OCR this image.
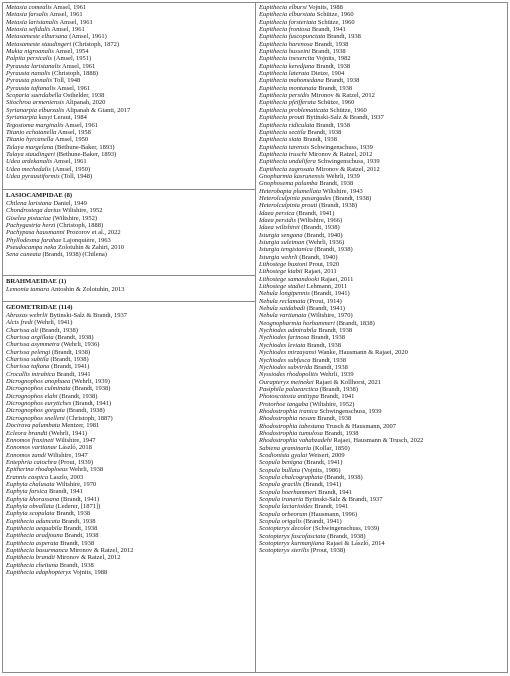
Metasia comealis Amsel, 1961
Metasia farsalis Amsel, 1961
Metasia laristanalis Amsel, 1961
Metasia sefidalis Amsel, 1961
Metasameste elbursana (Amsel, 1961)
Metasameste staudingeri (Christoph, 1872)
Mukia nigroanalis Amsel, 1954
Palpita persicalis (Amsel, 1951)
Pyrausta laristanalis Amsel, 1961
Pyrausta nanalis (Christoph, 1888)
Pyrausta pionalis Toll, 1948
Pyrausta taftanalis Amsel, 1961
Scoparia saerdabella Osthelder, 1938
Sitochroa armeniensis Alipanah, 2020
Syrianarpia elburzalis Alipanah & Gianti, 2017
Syrianarpia kasyi Leraut, 1984
Tegostoma marginalis Amsel, 1961
Titanio echatanella Amsel, 1958
Titanio hyrcanella Amsel, 1950
Tulaya margelana (Bethune-Baker, 1893)
Tulaya staudingeri (Bethune-Baker, 1893)
Udea ardekanalis Amsel, 1961
Udea mechedalis (Amsel, 1950)
Udea pyraustiformis (Toll, 1948)
LASIOCAMPIDAE (8)
Chilena laristana Daniel, 1949
Chondrostega darius Wiltshire, 1952
Giselea pistaciae (Wiltshire, 1952)
Pachygastria herzi (Christoph, 1888)
Pachypasa hausmanni Prozorov et al., 2022
Phyllodesma farahae Lajonquière, 1963
Pseudocampa neka Zolotuhin & Zahiri, 2010
Sena cuneata (Brandt, 1938) (Chilena)
BRAHMAEIDAE (1)
Lemonia tamara Antoshin & Zolotuhin, 2013
GEOMETRIDAE (114)
Abraxas wehrlii Bytinski-Salz & Brandt, 1937
Alcis fredi (Wehrli, 1941)
Charissa ali (Brandt, 1938)
Charissa argillata (Brandt, 1938)
Charissa asymmetra (Wehrli, 1936)
Charissa pelengi (Brandt, 1938)
Charissa subtila (Brandt, 1938)
Charissa taftana (Brandt, 1941)
Crocallis mirabica Brandt, 1941
Dicrognophos anophaea (Wehrli, 1939)
Dicrognophos culminata (Brandt, 1938)
Dicrognophos elahi (Brandt, 1938)
Dicrognophos eurytiches (Brandt, 1941)
Dicrognophos gorgata (Brandt, 1938)
Dicrognophos snelleni (Christoph, 1887)
Docirava palumbata Mentzer, 1981
Ecleora brandti (Wehrli, 1941)
Ennomos fraxineti Wiltshire, 1947
Ennomos vartianae László, 2018
Ennomos zandi Wiltshire, 1947
Entephria catochra (Prout, 1939)
Epitherina rhodoploeus Wehrli, 1938
Erannis caspica Laszlo, 2003
Euphyia chalusata Wiltshire, 1970
Euphyia farsica Brandt, 1941
Euphyia khorassana (Brandt, 1941)
Euphyia obvallata (Lederer, [1871])
Euphyia scopulata Brandt, 1938
Eupithecia aduncata Brandt, 1938
Eupithecia aequabila Brandt, 1938
Eupithecia aradjouna Brandt, 1938
Eupithecia asperata Brandt, 1938
Eupithecia basurmanca Mironov & Ratzel, 2012
Eupithecia brandti Mironov & Ratzel, 2012
Eupithecia cheituna Brandt, 1938
Eupithecia edaphopteryx Vojnits, 1988
Eupithecia elbursi Vojnits, 1988
Eupithecia elbursiata Schütze, 1960
Eupithecia forsteriata Schütze, 1960
Eupithecia frontosa Brandt, 1941
Eupithecia fuscopunctata Brandt, 1938
Eupithecia harenosa Brandt, 1938
Eupithecia husseini Brandt, 1938
Eupithecia inexercita Vojnits, 1982
Eupithecia keredjana Brandt, 1938
Eupithecia laterata Dietze, 1904
Eupithecia mahomedana Brandt, 1938
Eupithecia montanata Brandt, 1938
Eupithecia persidis Mironov & Ratzel, 2012
Eupithecia pfeifferata Schütze, 1960
Eupithecia problematicata Schütze, 1960
Eupithecia prouti Bytinski-Salz & Brandt, 1937
Eupithecia ridiculata Brandt, 1938
Eupithecia sectila Brandt, 1938
Eupithecia siata Brandt, 1938
Eupithecia tarensis Schwingenschuss, 1939
Eupithecia truschi Mironov & Ratzel, 2012
Eupithecia unduliferа Schwingenschuss, 1939
Eupithecia zagrosata Mironov & Ratzel, 2012
Gnopharmia kasrunensis Wehrli, 1939
Gnophosema palumba Brandt, 1938
Heterobapta plumellata Wiltshire, 1943
Heterolculpinia pasargades (Brandt, 1938)
Heterolculpinia prouti (Brandt, 1938)
Idaea persica (Brandt, 1941)
Idaea persidis (Wiltshire, 1966)
Idaea wiltshirei (Brandt, 1938)
Isturgia sengana (Brandt, 1940)
Isturgia suleiman (Wehrli, 1936)
Isturgia tengistanica (Brandt, 1938)
Isturgia wehrli (Brandt, 1940)
Lithostege buxtoni Prout, 1920
Lithostege kiabii Rajaei, 2011
Lithostege samandooki Rajaei, 2011
Lithostege stadiei Lehmann, 2011
Nebula longipennis (Brandt, 1941)
Nebula reclamata (Prout, 1914)
Nebula saidabadi (Brandt, 1941)
Nebula vartianata (Wiltshire, 1970)
Neognopharmia horhammeri (Brandt, 1838)
Nychiodes admirabila Brandt, 1938
Nychiodes farinosa Brandt, 1938
Nychiodes leviata Brandt, 1938
Nychiodes mirzayansi Wanke, Hausmann & Rajaei, 2020
Nychiodes subfusca Brandt, 1938
Nychiodes subvirida Brandt, 1938
Nyssiodes rhodopolitis Wehrli, 1939
Ourapteryx meinekei Rajaei & Kollhorst, 2021
Pasiphila palaearctica (Brandt, 1938)
Photoscotosia antitypa Brandt, 1941
Protorhoe tangaba (Wiltshire, 1952)
Rhodostrophia iranica Schwingenschuss, 1939
Rhodostrophia nesam Brandt, 1938
Rhodostrophia tabestana Trusch & Hausmann, 2007
Rhodostrophia tumulosa Brandt, 1938
Rhodostrophia vahabzadehi Rajaei, Hausmann & Trusch, 2022
Sabiena graminaria (Kollar, 1850)
Scodionista gyulai Weisert, 2009
Scopula benigna (Brandt, 1941)
Scopula bullata (Vojnits, 1986)
Scopula chalcographata (Brandt, 1938)
Scopula gracilis (Brandt, 1941)
Scopula hoerhammeri Brandt, 1941
Scopula iranaria Bytinski-Salz & Brandt, 1937
Scopula lactarioides Brandt, 1941
Scopula orbeorum (Hausmann, 1996)
Scopula origalis (Brandt, 1941)
Scotopteryx decolor (Schwingenschuss, 1939)
Scotopteryx fuscofasciata (Brandt, 1938)
Scotopteryx kurmanjiana Rajaei & László, 2014
Scotopteryx sterilis (Prout, 1938)
